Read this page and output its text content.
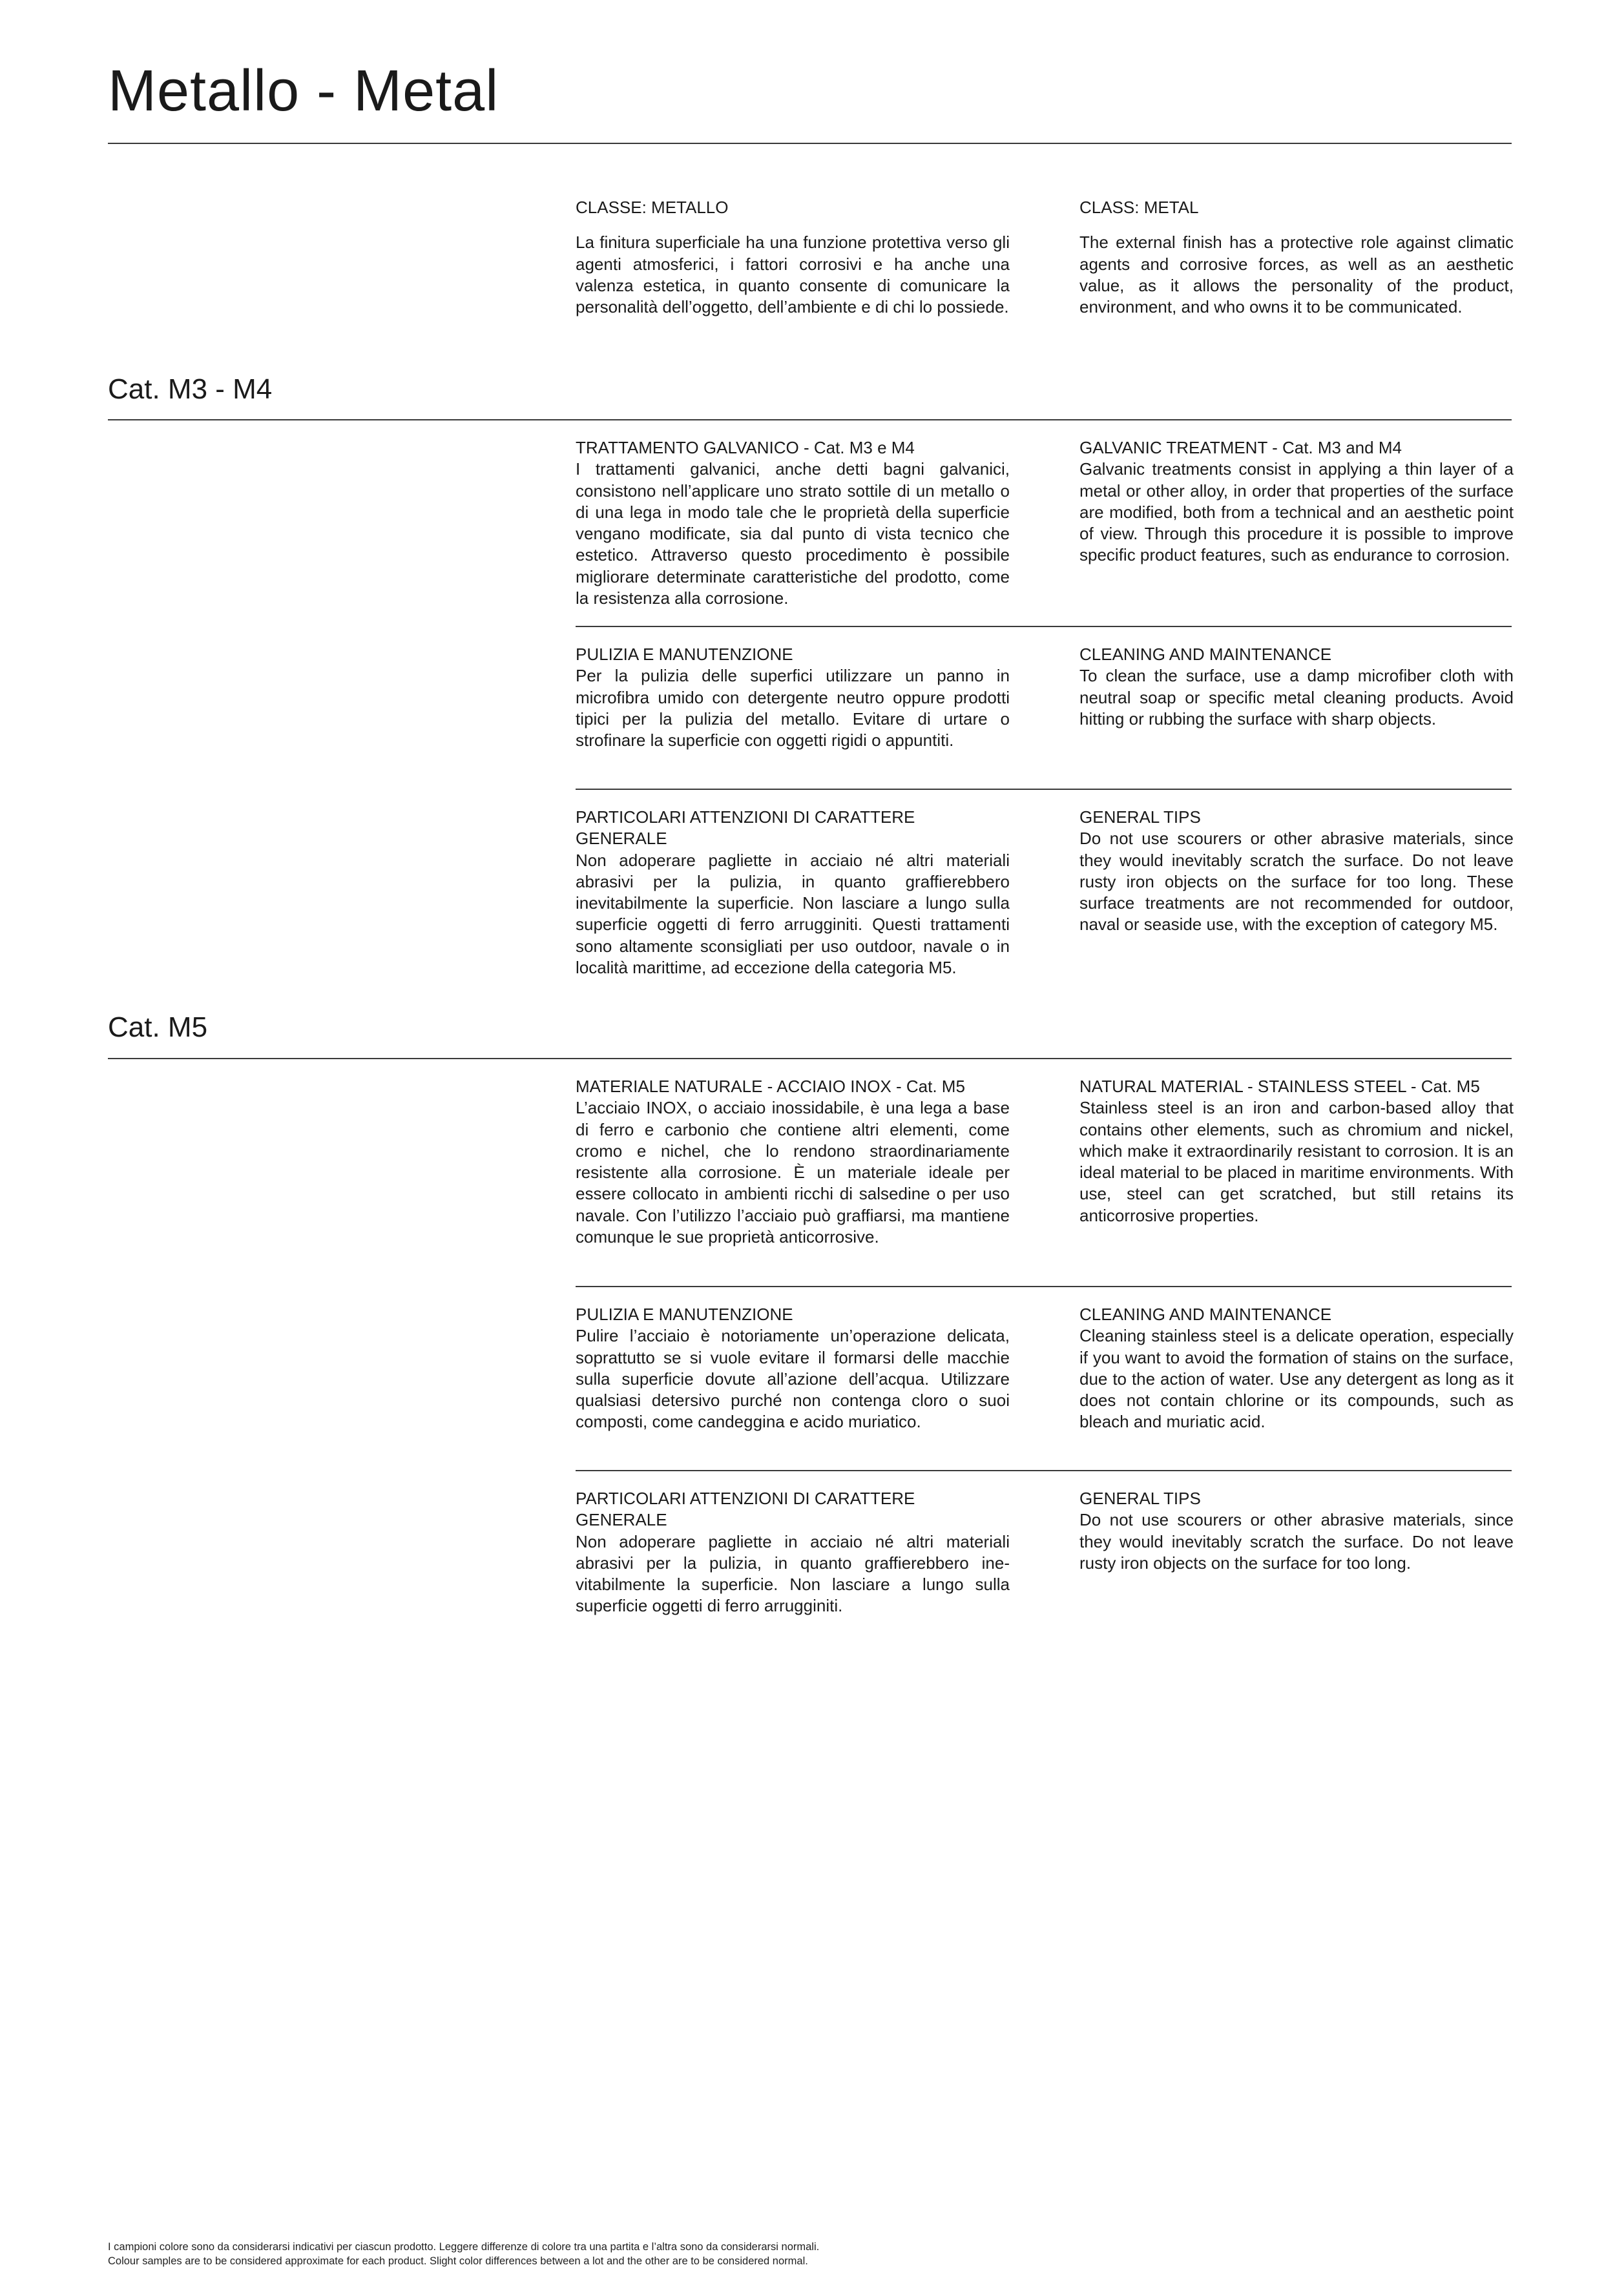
Metallo - Metal
CLASSE: METALLO
La finitura superficiale ha una funzione protettiva verso gli agenti atmosferici, i fattori corrosivi e ha anche una valenza estetica, in quanto consente di comunicare la personalità dell’oggetto, dell’ambiente e di chi lo possiede.
CLASS: METAL
The external finish has a protective role against climatic agents and corrosive forces, as well as an aesthetic value, as it allows the personality of the product, environment, and who owns it to be communicated.
Cat. M3 - M4
TRATTAMENTO GALVANICO - Cat. M3 e M4
I trattamenti galvanici, anche detti bagni galvanici, consistono nell’applicare uno strato sottile di un metallo o di una lega in modo tale che le proprietà della superficie vengano modificate, sia dal punto di vista tecnico che estetico. Attraverso questo procedimento è possibile migliorare determinate caratteristiche del prodotto, come la resistenza alla corrosione.
GALVANIC TREATMENT - Cat. M3 and M4
Galvanic treatments consist in applying a thin layer of a metal or other alloy, in order that properties of the surface are modified, both from a technical and an aesthetic point of view. Through this procedure it is possible to improve specific product features, such as endurance to corrosion.
PULIZIA E MANUTENZIONE
Per la pulizia delle superfici utilizzare un panno in microfibra umido con detergente neutro oppure prodotti tipici per la pulizia del metallo. Evitare di urtare o strofinare la superficie con oggetti rigidi o appuntiti.
CLEANING AND MAINTENANCE
To clean the surface, use a damp microfiber cloth with neutral soap or specific metal cleaning products. Avoid hitting or rubbing the surface with sharp objects.
PARTICOLARI ATTENZIONI DI CARATTERE GENERALE
Non adoperare pagliette in acciaio né altri materiali abrasivi per la pulizia, in quanto graffierebbero inevitabilmente la superficie. Non lasciare a lungo sulla superficie oggetti di ferro arrugginiti. Questi trattamenti sono altamente sconsigliati per uso outdoor, navale o in località marittime, ad eccezione della categoria M5.
GENERAL TIPS
Do not use scourers or other abrasive materials, since they would inevitably scratch the surface. Do not leave rusty iron objects on the surface for too long. These surface treatments are not recommended for outdoor, naval or seaside use, with the exception of category M5.
Cat. M5
MATERIALE NATURALE - ACCIAIO INOX - Cat. M5
L’acciaio INOX, o acciaio inossidabile, è una lega a base di ferro e carbonio che contiene altri elementi, come cromo e nichel, che lo rendono straordinariamente resistente alla corrosione. È un materiale ideale per essere collocato in ambienti ricchi di salsedine o per uso navale. Con l’utilizzo l’acciaio può graffiarsi, ma mantiene comunque le sue proprietà anticorrosive.
NATURAL MATERIAL - STAINLESS STEEL - Cat. M5
Stainless steel is an iron and carbon-based alloy that contains other elements, such as chromium and nickel, which make it extraordinarily resistant to corrosion. It is an ideal material to be placed in maritime environments. With use, steel can get scratched, but still retains its anticorrosive properties.
PULIZIA E MANUTENZIONE
Pulire l’acciaio è notoriamente un’operazione delicata, soprattutto se si vuole evitare il formarsi delle macchie sulla superficie dovute all’azione dell’acqua. Utilizzare qualsiasi detersivo purché non contenga cloro o suoi composti, come candeggina e acido muriatico.
CLEANING AND MAINTENANCE
Cleaning stainless steel is a delicate operation, especially if you want to avoid the formation of stains on the surface, due to the action of water. Use any detergent as long as it does not contain chlorine or its compounds, such as bleach and muriatic acid.
PARTICOLARI ATTENZIONI DI CARATTERE GENERALE
Non adoperare pagliette in acciaio né altri materiali abrasivi per la pulizia, in quanto graffierebbero inevitabilmente la superficie. Non lasciare a lungo sulla superficie oggetti di ferro arrugginiti.
GENERAL TIPS
Do not use scourers or other abrasive materials, since they would inevitably scratch the surface. Do not leave rusty iron objects on the surface for too long.
I campioni colore sono da considerarsi indicativi per ciascun prodotto. Leggere differenze di colore tra una partita e l’altra sono da considerarsi normali.
Colour samples are to be considered approximate for each product. Slight color differences between a lot and the other are to be considered normal.
